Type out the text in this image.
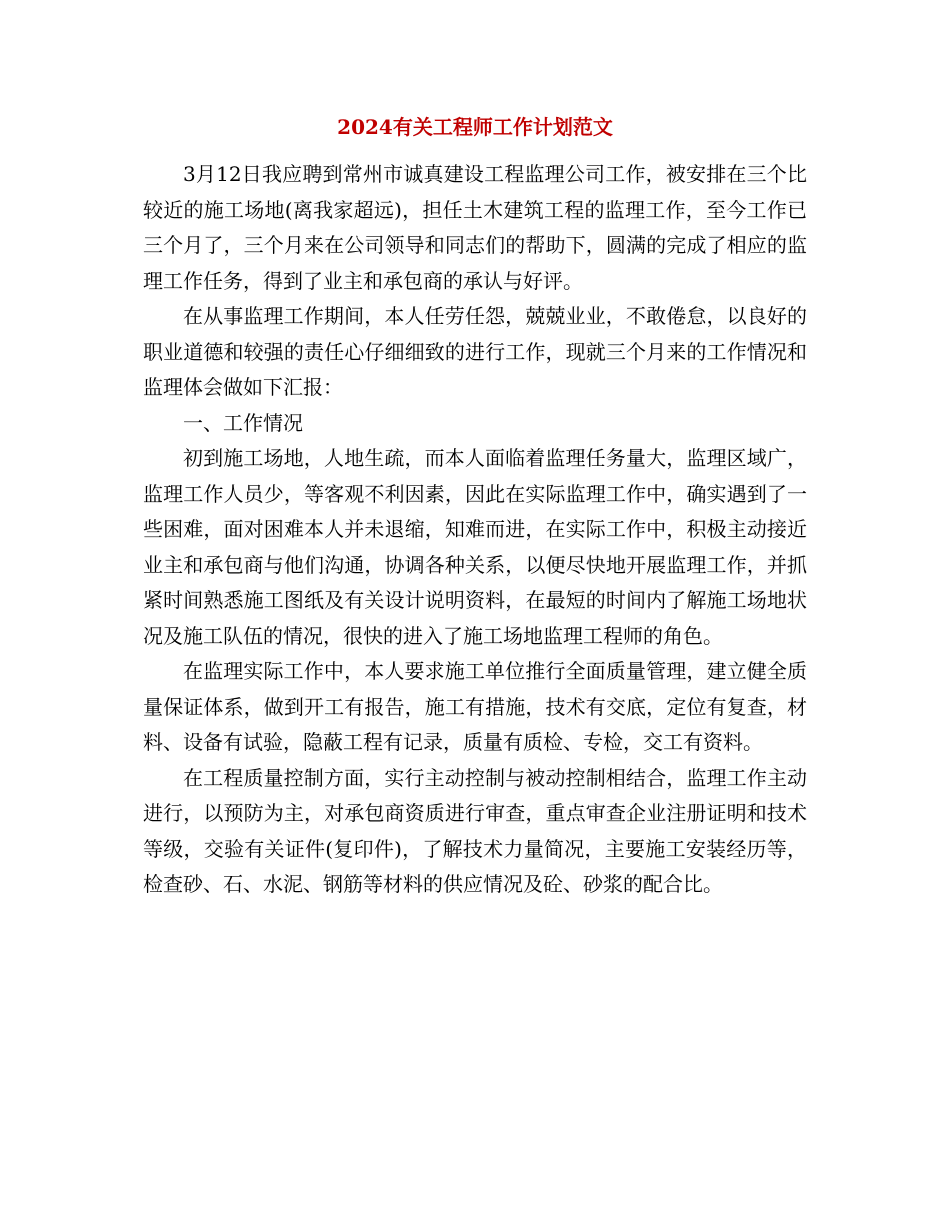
2024有关工程师工作计划范文

3月12日我应聘到常州市诚真建设工程监理公司工作，被安排在三个比较近的施工场地(离我家超远)，担任土木建筑工程的监理工作，至今工作已三个月了，三个月来在公司领导和同志们的帮助下，圆满的完成了相应的监理工作任务，得到了业主和承包商的承认与好评。

在从事监理工作期间，本人任劳任怨，兢兢业业，不敢倦怠，以良好的职业道德和较强的责任心仔细细致的进行工作，现就三个月来的工作情况和监理体会做如下汇报：

一、工作情况

初到施工场地，人地生疏，而本人面临着监理任务量大，监理区域广，监理工作人员少，等客观不利因素，因此在实际监理工作中，确实遇到了一些困难，面对困难本人并未退缩，知难而进，在实际工作中，积极主动接近业主和承包商与他们沟通，协调各种关系，以便尽快地开展监理工作，并抓紧时间熟悉施工图纸及有关设计说明资料，在最短的时间内了解施工场地状况及施工队伍的情况，很快的进入了施工场地监理工程师的角色。

在监理实际工作中，本人要求施工单位推行全面质量管理，建立健全质量保证体系，做到开工有报告，施工有措施，技术有交底，定位有复查，材料、设备有试验，隐蔽工程有记录，质量有质检、专检，交工有资料。

在工程质量控制方面，实行主动控制与被动控制相结合，监理工作主动进行，以预防为主，对承包商资质进行审查，重点审查企业注册证明和技术等级，交验有关证件(复印件)，了解技术力量简况，主要施工安装经历等，检查砂、石、水泥、钢筋等材料的供应情况及砼、砂浆的配合比。
